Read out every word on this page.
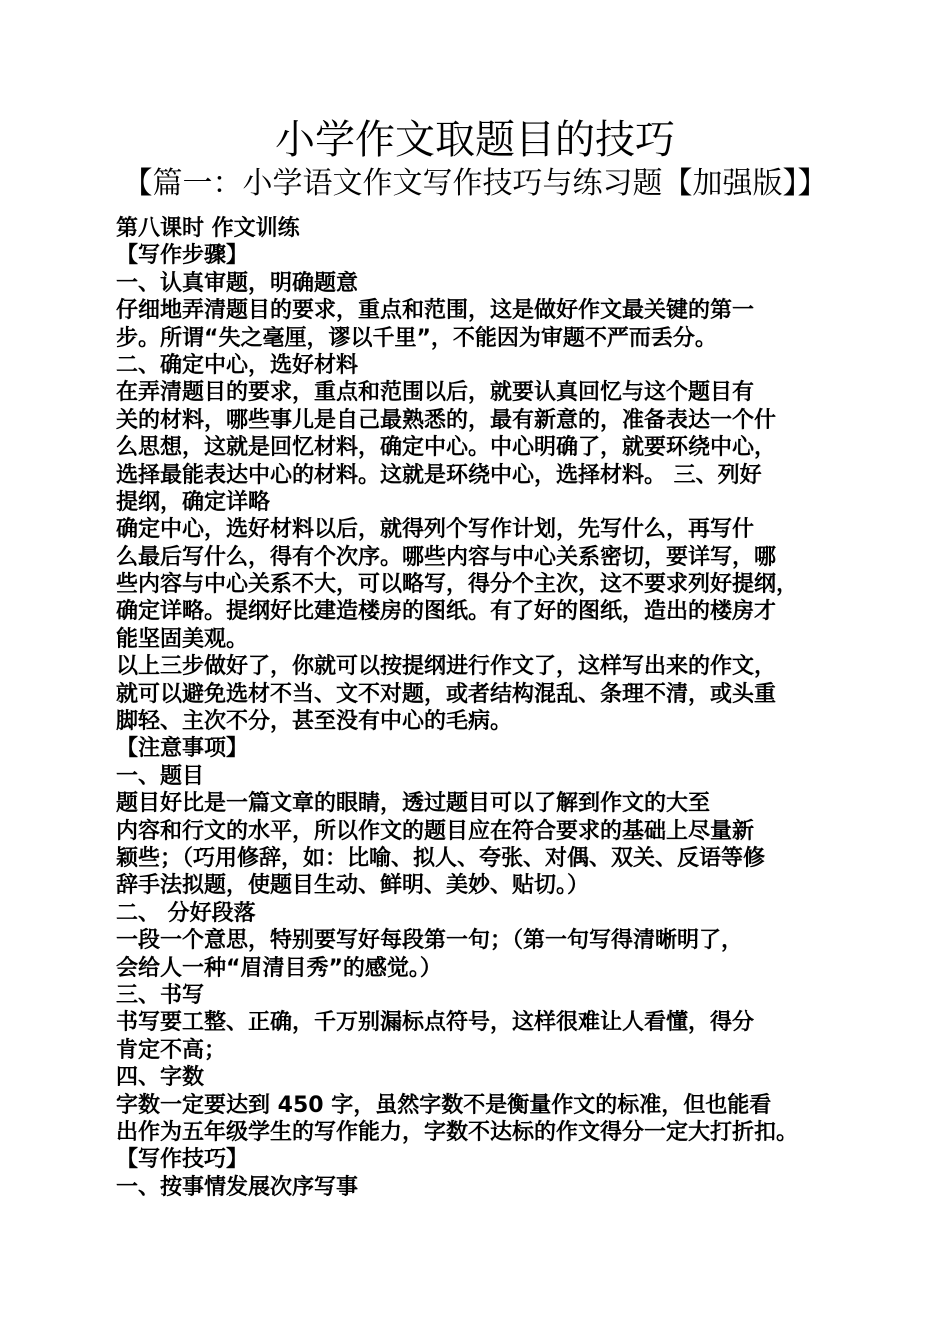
小学作文取题目的技巧
【篇一：小学语文作文写作技巧与练习题【加强版】】
第八课时 作文训练
【写作步骤】
一、认真审题，明确题意
仔细地弄清题目的要求，重点和范围，这是做好作文最关键的第一
步。所谓“失之毫厘，谬以千里”，不能因为审题不严而丢分。
二、确定中心，选好材料
在弄清题目的要求，重点和范围以后，就要认真回忆与这个题目有
关的材料，哪些事儿是自己最熟悉的，最有新意的，准备表达一个什
么思想，这就是回忆材料，确定中心。中心明确了，就要环绕中心，
选择最能表达中心的材料。这就是环绕中心，选择材料。 三、列好
提纲，确定详略
确定中心，选好材料以后，就得列个写作计划，先写什么，再写什
么最后写什么，得有个次序。哪些内容与中心关系密切，要详写，哪
些内容与中心关系不大，可以略写，得分个主次，这不要求列好提纲，
确定详略。提纲好比建造楼房的图纸。有了好的图纸，造出的楼房才
能坚固美观。
以上三步做好了，你就可以按提纲进行作文了，这样写出来的作文，
就可以避免选材不当、文不对题，或者结构混乱、条理不清，或头重
脚轻、主次不分，甚至没有中心的毛病。
【注意事项】
一、题目
题目好比是一篇文章的眼睛，透过题目可以了解到作文的大至
内容和行文的水平，所以作文的题目应在符合要求的基础上尽量新
颖些；（巧用修辞，如：比喻、拟人、夸张、对偶、双关、反语等修
辞手法拟题，使题目生动、鲜明、美妙、贴切。）
二、 分好段落
一段一个意思，特别要写好每段第一句；（第一句写得清晰明了，
会给人一种“眉清目秀”的感觉。）
三、书写
书写要工整、正确，千万别漏标点符号，这样很难让人看懂，得分
肯定不高；
四、字数
字数一定要达到 450 字，虽然字数不是衡量作文的标准，但也能看
出作为五年级学生的写作能力，字数不达标的作文得分一定大打折扣。
【写作技巧】
一、按事情发展次序写事
